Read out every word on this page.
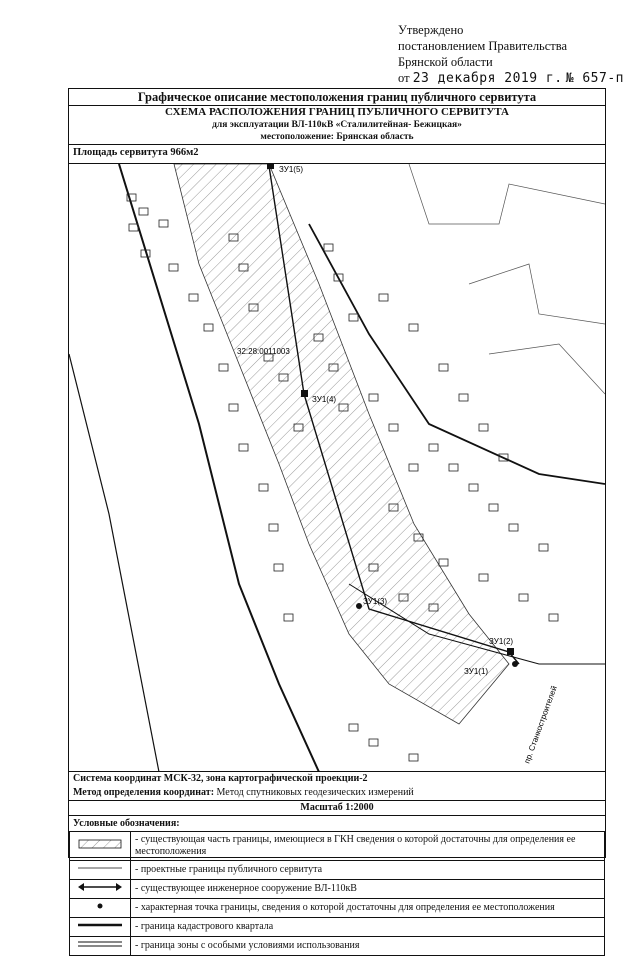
Утверждено
постановлением Правительства
Брянской области
от 23 декабря 2019 г. № 657-п
Графическое описание местоположения границ публичного сервитута
СХЕМА РАСПОЛОЖЕНИЯ ГРАНИЦ ПУБЛИЧНОГО СЕРВИТУТА
для эксплуатации ВЛ-110кВ «Сталилитейная- Бежицкая»
местоположение: Брянская область
Площадь сервитута 966м2
ЗУ1(5)
ЗУ1(4)
ЗУ1(3)
ЗУ1(2)
ЗУ1(1)
32:28:0011003
пр. Станкостроителей
Система координат МСК-32, зона картографической проекции-2
Метод определения координат: Метод спутниковых геодезических измерений
Масштаб 1:2000
Условные обозначения:
	- существующая часть границы, имеющиеся в ГКН сведения о которой достаточны для определения ее местоположения
	- проектные границы публичного сервитута
	- существующее инженерное сооружение ВЛ-110кВ
	- характерная точка границы, сведения о которой достаточны для определения ее местоположения
	- граница кадастрового квартала
	- граница зоны с особыми условиями использования
